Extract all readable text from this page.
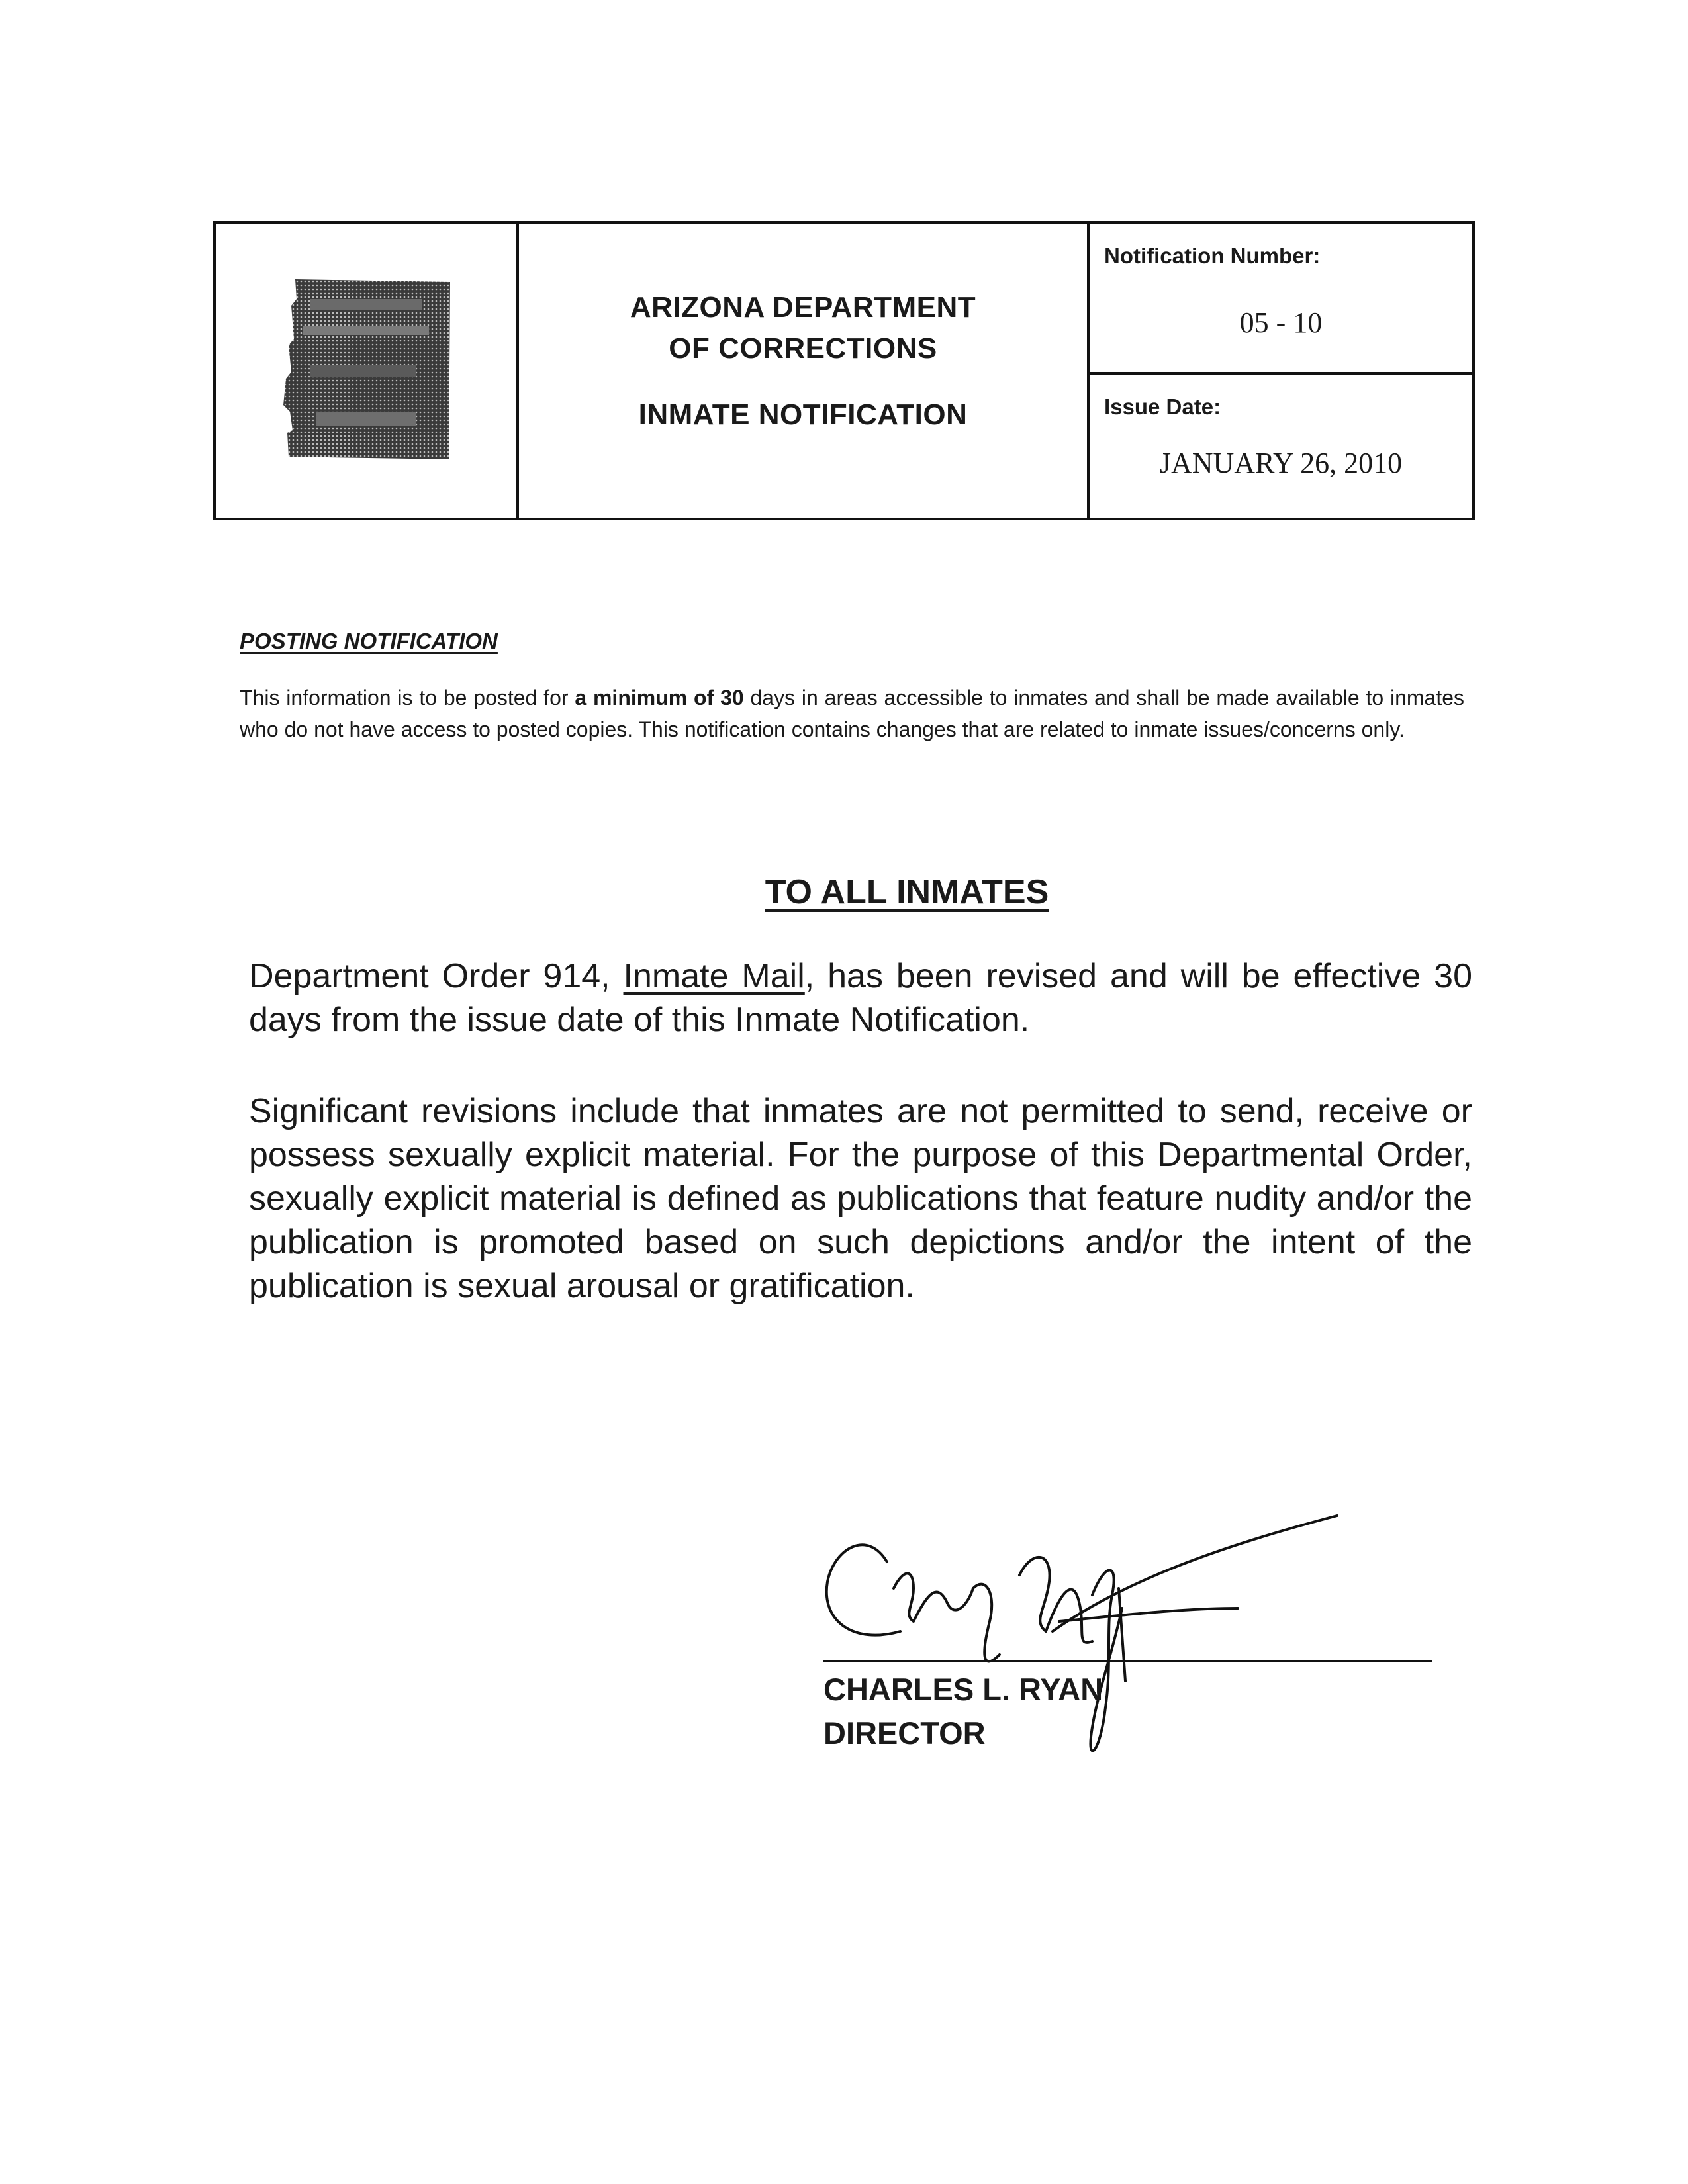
ARIZONA DEPARTMENT
OF CORRECTIONS
INMATE NOTIFICATION
Notification Number:
05 - 10
Issue Date:
JANUARY 26, 2010
POSTING NOTIFICATION
This information is to be posted for a minimum of 30 days in areas accessible to inmates and shall be made available to inmates who do not have access to posted copies. This notification contains changes that are related to inmate issues/concerns only.
TO ALL INMATES
Department Order 914, Inmate Mail, has been revised and will be effective 30 days from the issue date of this Inmate Notification.
Significant revisions include that inmates are not permitted to send, receive or possess sexually explicit material. For the purpose of this Departmental Order, sexually explicit material is defined as publications that feature nudity and/or the publication is promoted based on such depictions and/or the intent of the publication is sexual arousal or gratification.
CHARLES L. RYAN
DIRECTOR
